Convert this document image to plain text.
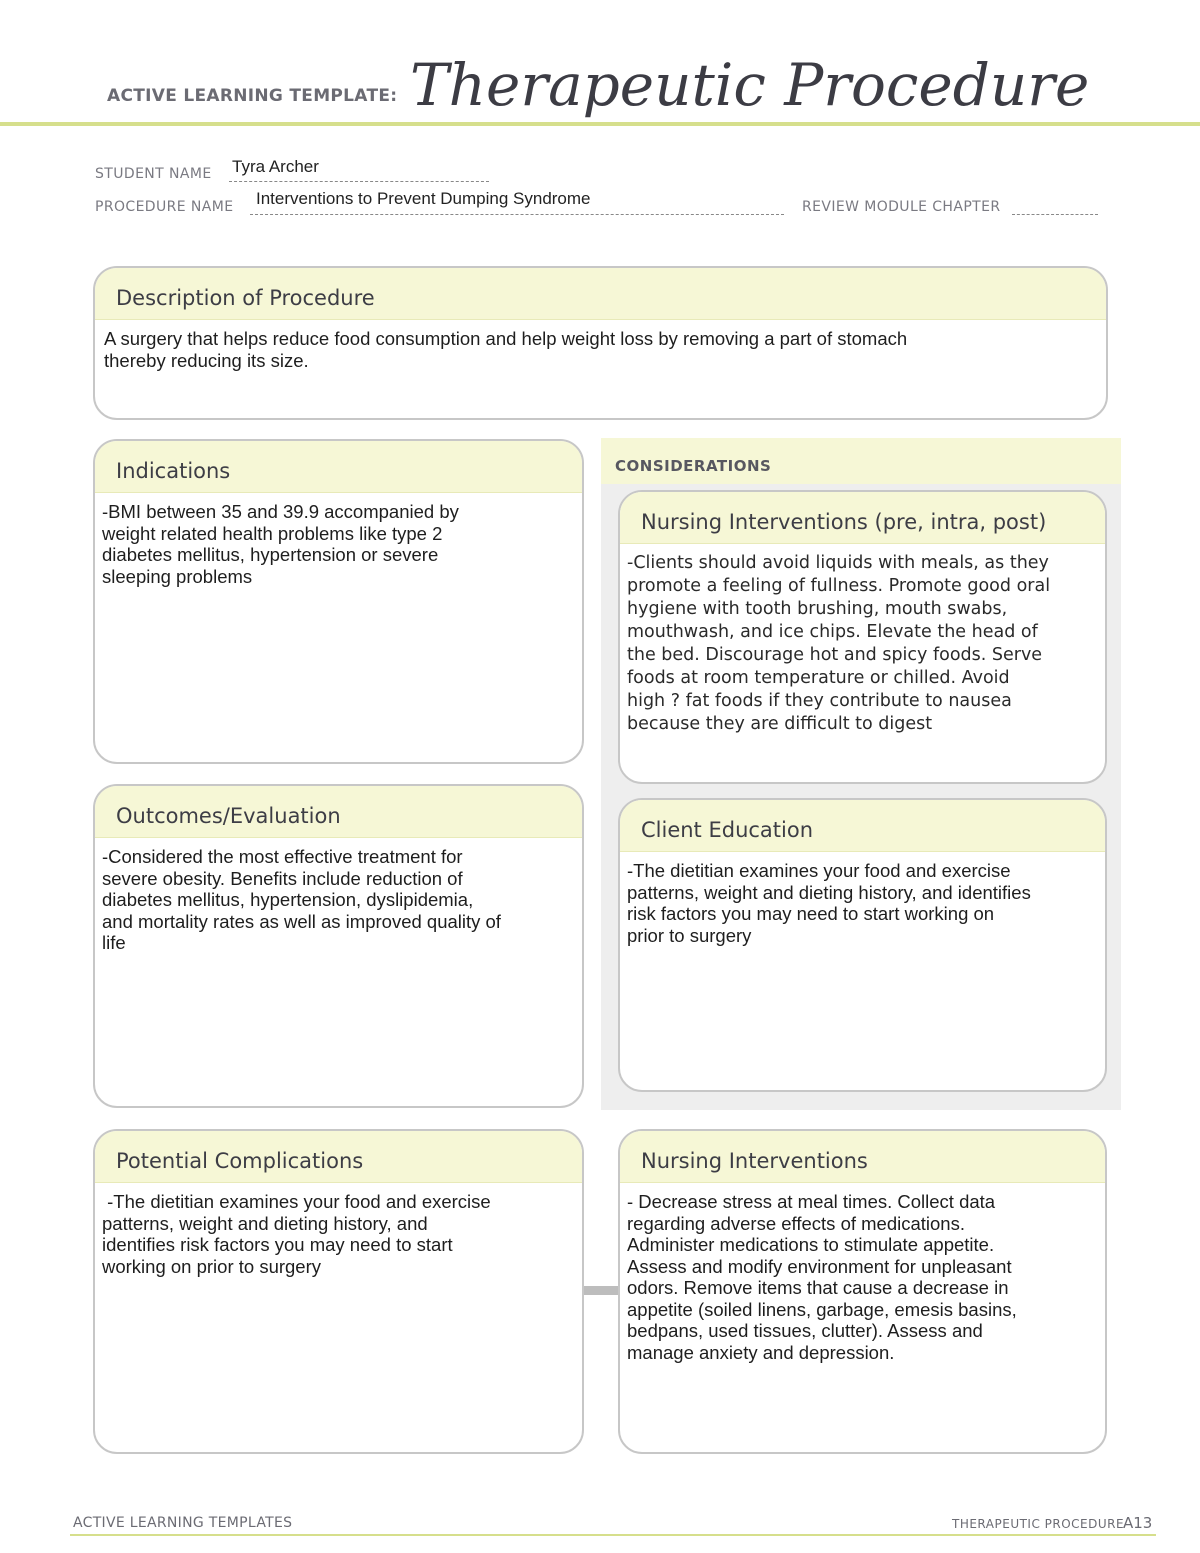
ACTIVE LEARNING TEMPLATE: Therapeutic Procedure
STUDENT NAME Tyra Archer
PROCEDURE NAME Interventions to Prevent Dumping Syndrome	REVIEW MODULE CHAPTER
Description of Procedure
A surgery that helps reduce food consumption and help weight loss by removing a part of stomach
thereby reducing its size.
CONSIDERATIONS
Indications
-BMI between 35 and 39.9 accompanied by
weight related health problems like type 2
diabetes mellitus, hypertension or severe
sleeping problems
Nursing Interventions (pre, intra, post)
-Clients should avoid liquids with meals, as they
promote a feeling of fullness. Promote good oral
hygiene with tooth brushing, mouth swabs,
mouthwash, and ice chips. Elevate the head of
the bed. Discourage hot and spicy foods. Serve
foods at room temperature or chilled. Avoid
high ? fat foods if they contribute to nausea
because they are difficult to digest
Outcomes/Evaluation
-Considered the most effective treatment for
severe obesity. Benefits include reduction of
diabetes mellitus, hypertension, dyslipidemia,
and mortality rates as well as improved quality of
life
Client Education
-The dietitian examines your food and exercise
patterns, weight and dieting history, and identifies
risk factors you may need to start working on
prior to surgery
Potential Complications
-The dietitian examines your food and exercise
patterns, weight and dieting history, and
identifies risk factors you may need to start
working on prior to surgery
Nursing Interventions
- Decrease stress at meal times. Collect data
regarding adverse effects of medications.
Administer medications to stimulate appetite.
Assess and modify environment for unpleasant
odors. Remove items that cause a decrease in
appetite (soiled linens, garbage, emesis basins,
bedpans, used tissues, clutter). Assess and
manage anxiety and depression.
ACTIVE LEARNING TEMPLATES	THERAPEUTIC PROCEDURE
A13
